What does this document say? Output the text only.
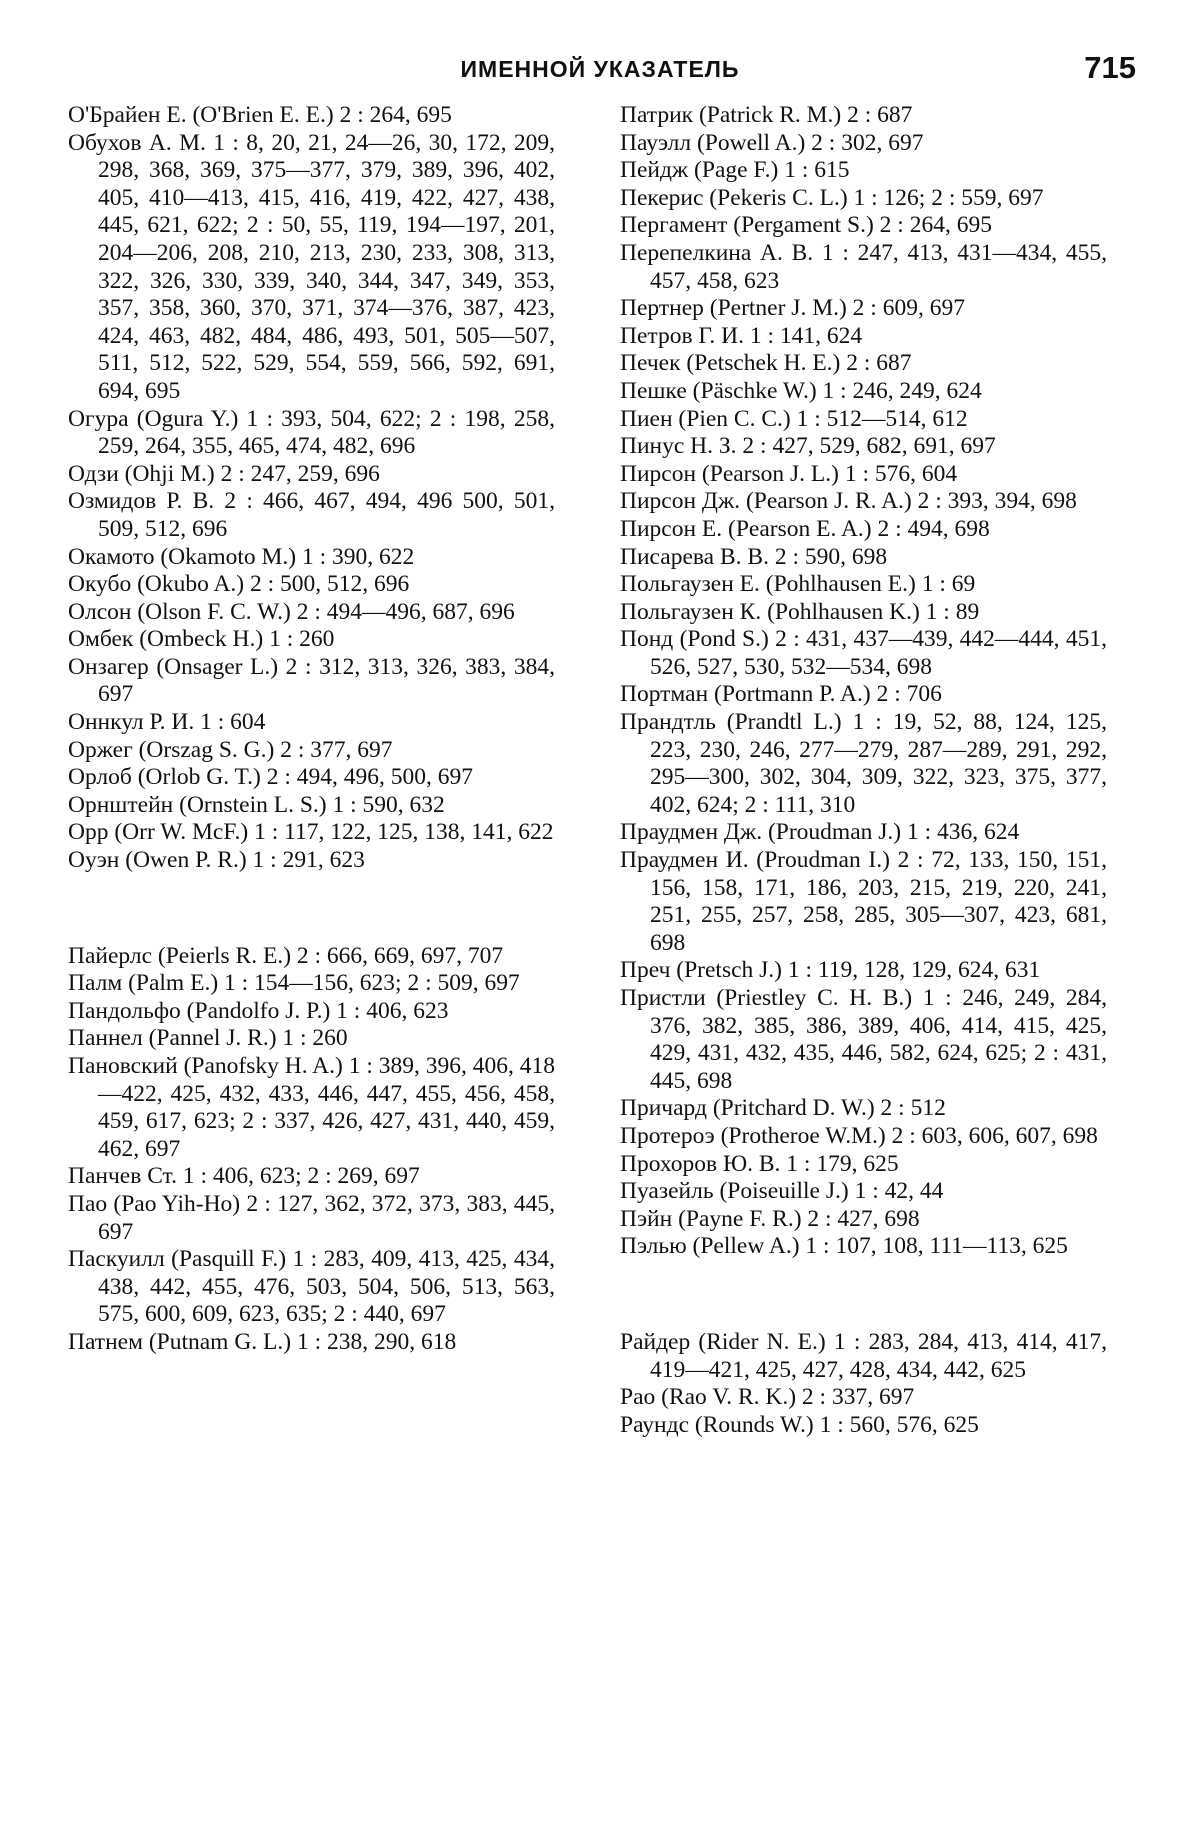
ИМЕННОЙ УКАЗАТЕЛЬ	715

О'Брайен Е. (O'Brien E. E.) 2 : 264, 695

Обухов А. М. 1 : 8, 20, 21, 24—26, 30, 172, 209, 298, 368, 369, 375—377, 379, 389, 396, 402, 405, 410—413, 415, 416, 419, 422, 427, 438, 445, 621, 622; 2 : 50, 55, 119, 194—197, 201, 204—206, 208, 210, 213, 230, 233, 308, 313, 322, 326, 330, 339, 340, 344, 347, 349, 353, 357, 358, 360, 370, 371, 374—376, 387, 423, 424, 463, 482, 484, 486, 493, 501, 505—507, 511, 512, 522, 529, 554, 559, 566, 592, 691, 694, 695

Огура (Ogura Y.) 1 : 393, 504, 622; 2 : 198, 258, 259, 264, 355, 465, 474, 482, 696

Одзи (Ohji M.) 2 : 247, 259, 696

Озмидов Р. В. 2 : 466, 467, 494, 496 500, 501, 509, 512, 696

Окамото (Okamoto M.) 1 : 390, 622

Окубо (Okubo A.) 2 : 500, 512, 696

Олсон (Olson F. C. W.) 2 : 494—496, 687, 696

Омбек (Ombeck H.) 1 : 260

Онзагер (Onsager L.) 2 : 312, 313, 326, 383, 384, 697

Оннкул Р. И. 1 : 604

Оржег (Orszag S. G.) 2 : 377, 697

Орлоб (Orlob G. T.) 2 : 494, 496, 500, 697

Орнштейн (Ornstein L. S.) 1 : 590, 632

Орр (Orr W. McF.) 1 : 117, 122, 125, 138, 141, 622

Оуэн (Owen P. R.) 1 : 291, 623

Пайерлс (Peierls R. E.) 2 : 666, 669, 697, 707

Палм (Palm E.) 1 : 154—156, 623; 2 : 509, 697

Пандольфо (Pandolfo J. P.) 1 : 406, 623

Паннел (Pannel J. R.) 1 : 260

Пановский (Panofsky H. A.) 1 : 389, 396, 406, 418—422, 425, 432, 433, 446, 447, 455, 456, 458, 459, 617, 623; 2 : 337, 426, 427, 431, 440, 459, 462, 697

Панчев Ст. 1 : 406, 623; 2 : 269, 697

Пао (Pao Yih-Ho) 2 : 127, 362, 372, 373, 383, 445, 697

Паскуилл (Pasquill F.) 1 : 283, 409, 413, 425, 434, 438, 442, 455, 476, 503, 504, 506, 513, 563, 575, 600, 609, 623, 635; 2 : 440, 697

Патнем (Putnam G. L.) 1 : 238, 290, 618

Патрик (Patrick R. M.) 2 : 687

Пауэлл (Powell A.) 2 : 302, 697

Пейдж (Page F.) 1 : 615

Пекерис (Pekeris C. L.) 1 : 126; 2 : 559, 697

Пергамент (Pergament S.) 2 : 264, 695

Перепелкина А. В. 1 : 247, 413, 431—434, 455, 457, 458, 623

Пертнер (Pertner J. M.) 2 : 609, 697

Петров Г. И. 1 : 141, 624

Печек (Petschek H. E.) 2 : 687

Пешке (Päschke W.) 1 : 246, 249, 624

Пиен (Pien C. C.) 1 : 512—514, 612

Пинус Н. З. 2 : 427, 529, 682, 691, 697

Пирсон (Pearson J. L.) 1 : 576, 604

Пирсон Дж. (Pearson J. R. A.) 2 : 393, 394, 698

Пирсон Е. (Pearson E. A.) 2 : 494, 698

Писарева В. В. 2 : 590, 698

Польгаузен Е. (Pohlhausen E.) 1 : 69

Польгаузен К. (Pohlhausen K.) 1 : 89

Понд (Pond S.) 2 : 431, 437—439, 442—444, 451, 526, 527, 530, 532—534, 698

Портман (Portmann P. A.) 2 : 706

Прандтль (Prandtl L.) 1 : 19, 52, 88, 124, 125, 223, 230, 246, 277—279, 287—289, 291, 292, 295—300, 302, 304, 309, 322, 323, 375, 377, 402, 624; 2 : 111, 310

Праудмен Дж. (Proudman J.) 1 : 436, 624

Праудмен И. (Proudman I.) 2 : 72, 133, 150, 151, 156, 158, 171, 186, 203, 215, 219, 220, 241, 251, 255, 257, 258, 285, 305—307, 423, 681, 698

Преч (Pretsch J.) 1 : 119, 128, 129, 624, 631

Пристли (Priestley C. H. B.) 1 : 246, 249, 284, 376, 382, 385, 386, 389, 406, 414, 415, 425, 429, 431, 432, 435, 446, 582, 624, 625; 2 : 431, 445, 698

Причард (Pritchard D. W.) 2 : 512

Протероэ (Protheroe W.M.) 2 : 603, 606, 607, 698

Прохоров Ю. В. 1 : 179, 625

Пуазейль (Poiseuille J.) 1 : 42, 44

Пэйн (Payne F. R.) 2 : 427, 698

Пэлью (Pellew A.) 1 : 107, 108, 111—113, 625

Райдер (Rider N. E.) 1 : 283, 284, 413, 414, 417, 419—421, 425, 427, 428, 434, 442, 625

Рао (Rao V. R. K.) 2 : 337, 697

Раундс (Rounds W.) 1 : 560, 576, 625
